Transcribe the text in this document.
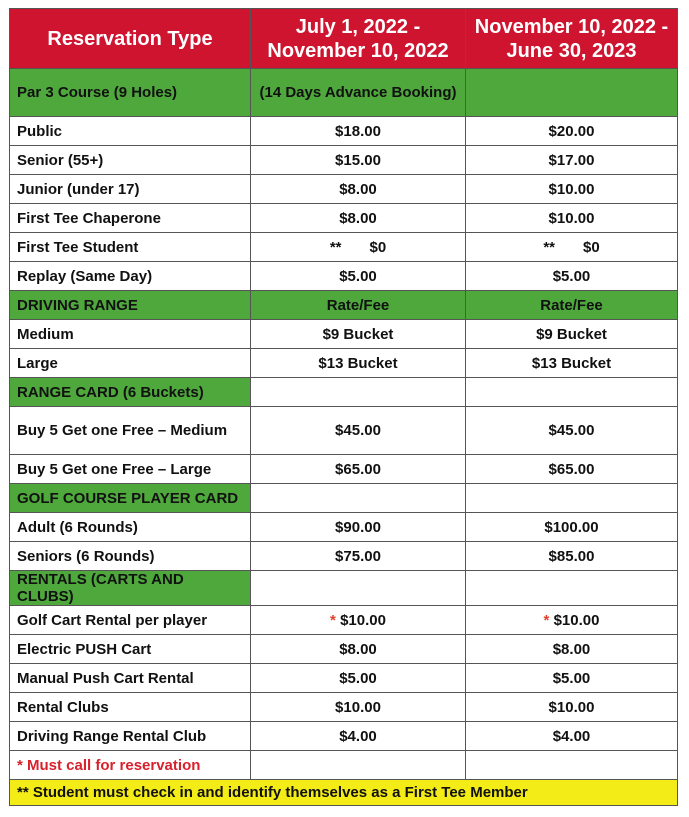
Reservation Type	July 1, 2022 - November 10, 2022	November 10, 2022 - June 30, 2023
Par 3 Course (9 Holes)	(14 Days Advance Booking)	
Public	$18.00	$20.00
Senior (55+)	$15.00	$17.00
Junior (under 17)	$8.00	$10.00
First Tee Chaperone	$8.00	$10.00
First Tee Student	** $0	** $0
Replay (Same Day)	$5.00	$5.00
DRIVING RANGE	Rate/Fee	Rate/Fee
Medium	$9 Bucket	$9 Bucket
Large	$13 Bucket	$13 Bucket
RANGE CARD (6 Buckets)		
Buy 5 Get one Free – Medium	$45.00	$45.00
Buy 5 Get one Free – Large	$65.00	$65.00
GOLF COURSE PLAYER CARD		
Adult (6 Rounds)	$90.00	$100.00
Seniors (6 Rounds)	$75.00	$85.00
RENTALS (CARTS AND CLUBS)		
Golf Cart Rental per player	* $10.00	* $10.00
Electric PUSH Cart	$8.00	$8.00
Manual Push Cart Rental	$5.00	$5.00
Rental Clubs	$10.00	$10.00
Driving Range Rental Club	$4.00	$4.00
* Must call for reservation		
** Student must check in and identify themselves as a First Tee Member		
